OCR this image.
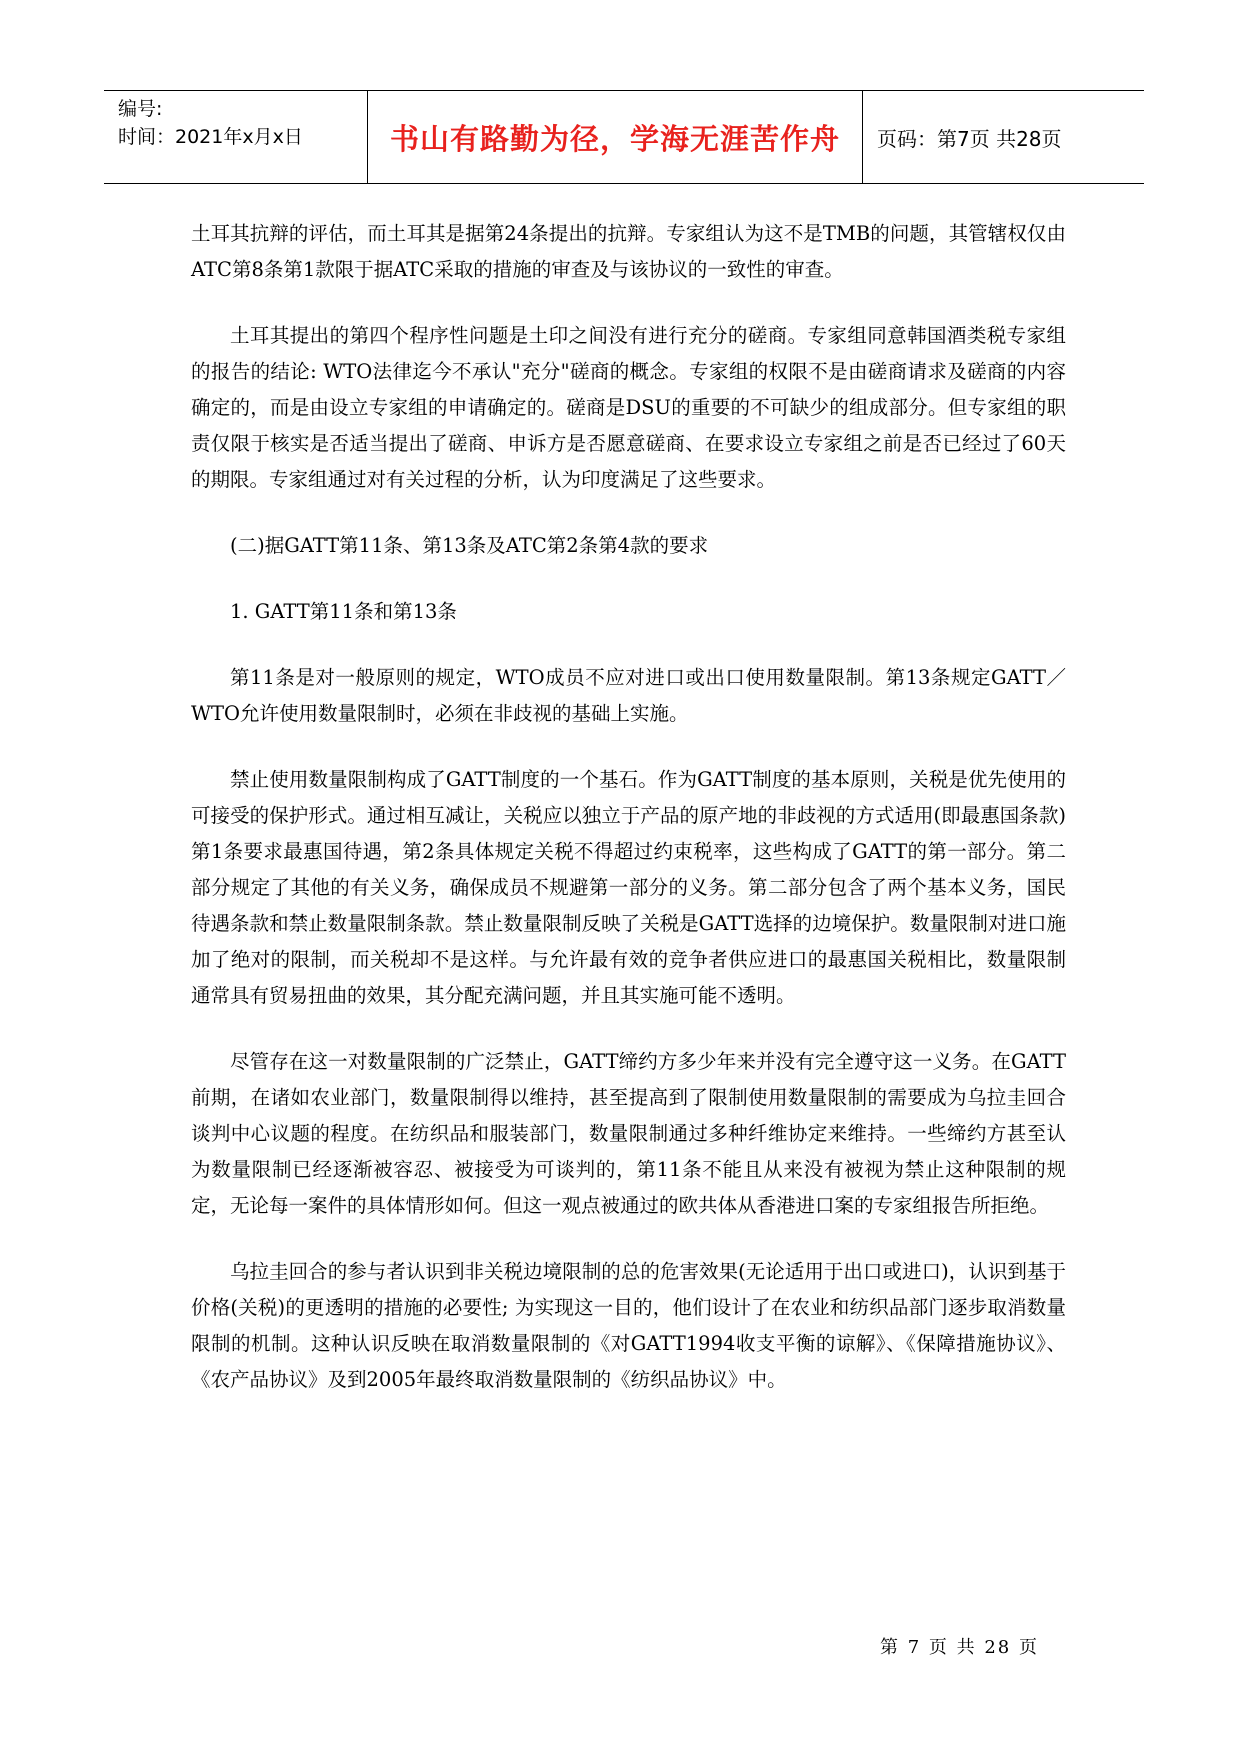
编号:
时间：2021年x月x日	书山有路勤为径，学海无涯苦作舟 页码：第7页 共28页

土耳其抗辩的评估，而土耳其是据第24条提出的抗辩。专家组认为这不是TMB的问题，其管辖权仅由ATC第8条第1款限于据ATC采取的措施的审查及与该协议的一致性的审查。

土耳其提出的第四个程序性问题是土印之间没有进行充分的磋商。专家组同意韩国酒类税专家组的报告的结论: WTO法律迄今不承认"充分"磋商的概念。专家组的权限不是由磋商请求及磋商的内容确定的，而是由设立专家组的申请确定的。磋商是DSU的重要的不可缺少的组成部分。但专家组的职责仅限于核实是否适当提出了磋商、申诉方是否愿意磋商、在要求设立专家组之前是否已经过了60天的期限。专家组通过对有关过程的分析，认为印度满足了这些要求。

(二)据GATT第11条、第13条及ATC第2条第4款的要求

1. GATT第11条和第13条

第11条是对一般原则的规定，WTO成员不应对进口或出口使用数量限制。第13条规定GATT／WTO允许使用数量限制时，必须在非歧视的基础上实施。

禁止使用数量限制构成了GATT制度的一个基石。作为GATT制度的基本原则，关税是优先使用的可接受的保护形式。通过相互减让，关税应以独立于产品的原产地的非歧视的方式适用(即最惠国条款)第1条要求最惠国待遇，第2条具体规定关税不得超过约束税率，这些构成了GATT的第一部分。第二部分规定了其他的有关义务，确保成员不规避第一部分的义务。第二部分包含了两个基本义务，国民待遇条款和禁止数量限制条款。禁止数量限制反映了关税是GATT选择的边境保护。数量限制对进口施加了绝对的限制，而关税却不是这样。与允许最有效的竞争者供应进口的最惠国关税相比，数量限制通常具有贸易扭曲的效果，其分配充满问题，并且其实施可能不透明。

尽管存在这一对数量限制的广泛禁止，GATT缔约方多少年来并没有完全遵守这一义务。在GATT前期，在诸如农业部门，数量限制得以维持，甚至提高到了限制使用数量限制的需要成为乌拉圭回合谈判中心议题的程度。在纺织品和服装部门，数量限制通过多种纤维协定来维持。一些缔约方甚至认为数量限制已经逐渐被容忍、被接受为可谈判的，第11条不能且从来没有被视为禁止这种限制的规定，无论每一案件的具体情形如何。但这一观点被通过的欧共体从香港进口案的专家组报告所拒绝。

乌拉圭回合的参与者认识到非关税边境限制的总的危害效果(无论适用于出口或进口)，认识到基于价格(关税)的更透明的措施的必要性; 为实现这一目的，他们设计了在农业和纺织品部门逐步取消数量限制的机制。这种认识反映在取消数量限制的《对GATT1994收支平衡的谅解》、《保障措施协议》、《农产品协议》及到2005年最终取消数量限制的《纺织品协议》中。

第 7 页 共 28 页
